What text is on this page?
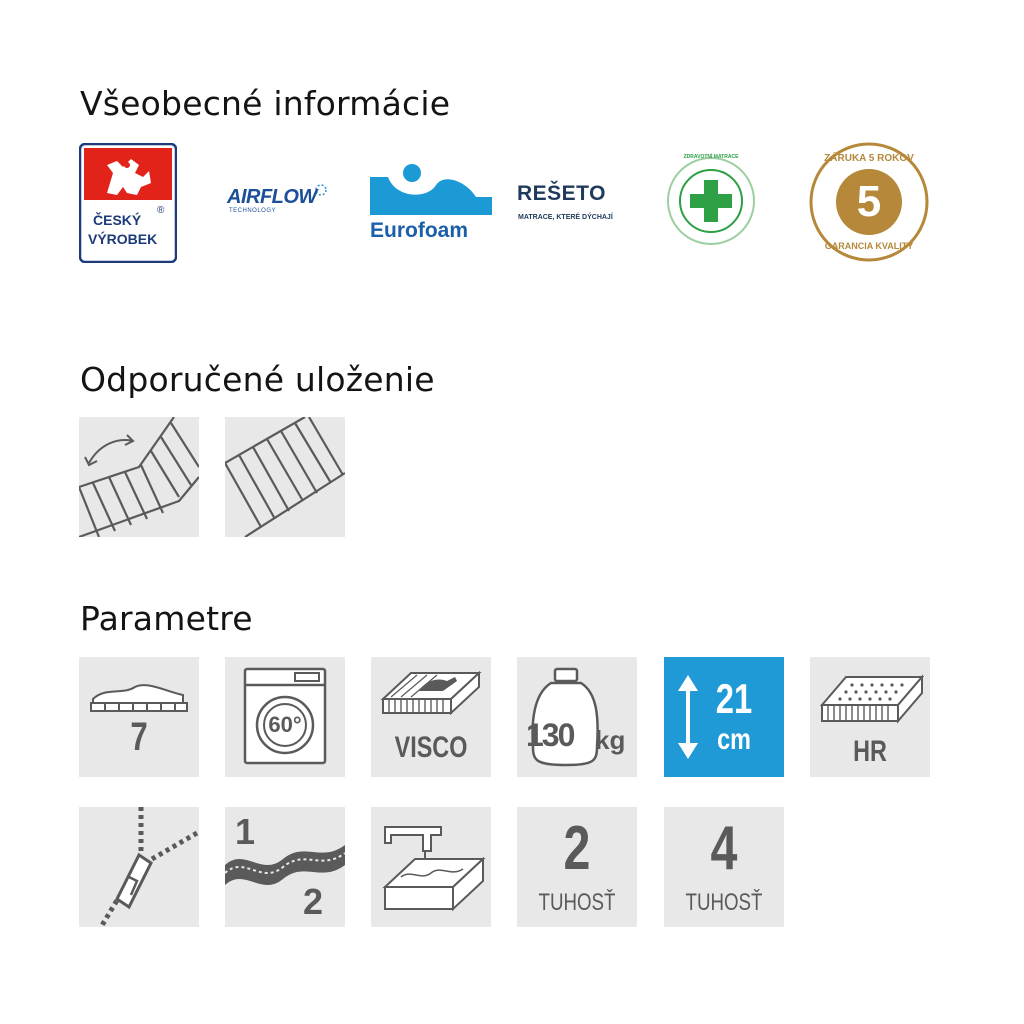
Všeobecné informácie
Odporučené uloženie
Parametre
ČESKÝ
®
VÝROBEK
AIRFLOW
TECHNOLOGY
Eurofoam
REŠETO
MATRACE, KTERÉ DÝCHAJÍ
ZDRAVOTNÍ MATRACE	ZÁRUKA 5 ROKOV
5
GARANCIA KVALITY
7	60°
VISCO	130 kg
21
cm	HR
1
2
2
TUHOSŤ
4
TUHOSŤ
